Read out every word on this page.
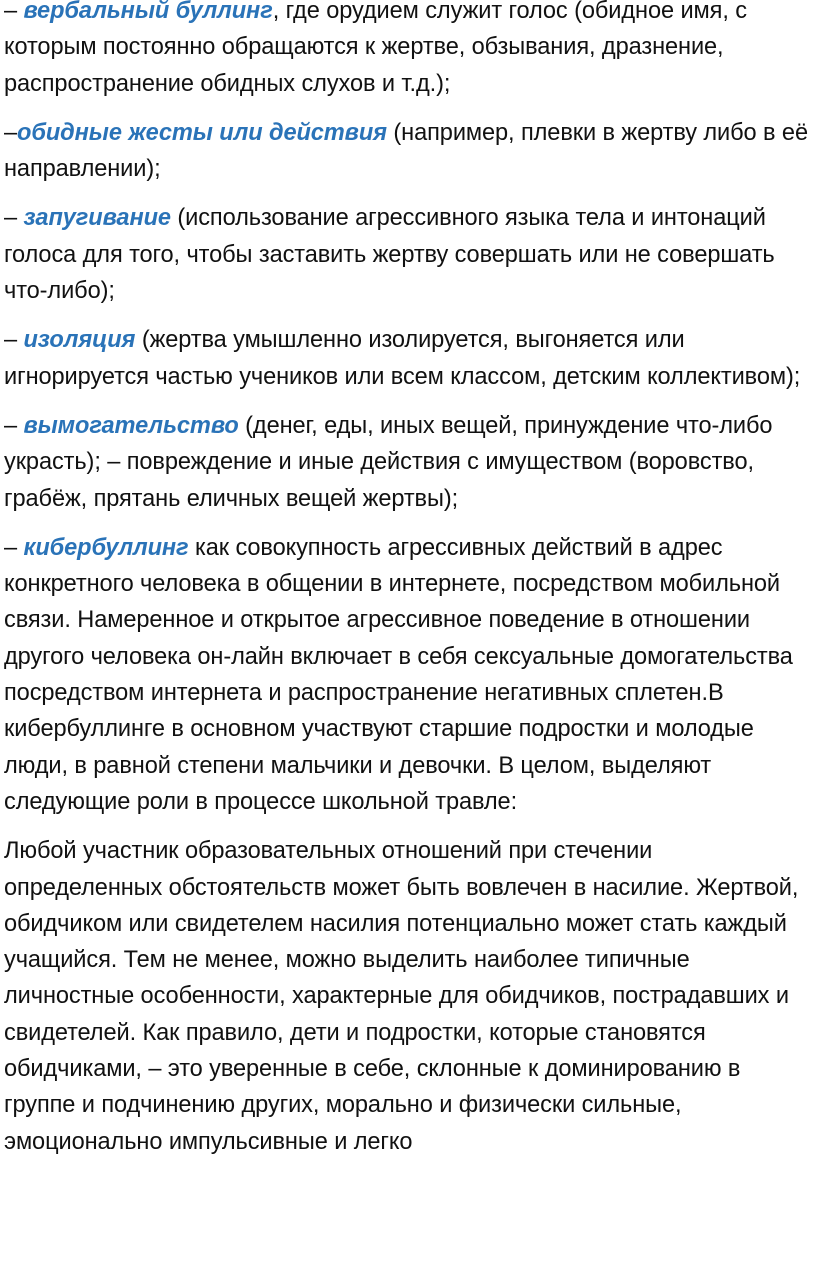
– вербальный буллинг, где орудием служит голос (обидное имя, с которым постоянно обращаются к жертве, обзывания, дразнение, распространение обидных слухов и т.д.);

–обидные жесты или действия (например, плевки в жертву либо в её направлении);

– запугивание (использование агрессивного языка тела и интонаций голоса для того, чтобы заставить жертву совершать или не совершать что-либо);

– изоляция (жертва умышленно изолируется, выгоняется или игнорируется частью учеников или всем классом, детским коллективом);

– вымогательство (денег, еды, иных вещей, принуждение что-либо украсть); – повреждение и иные действия с имуществом (воровство, грабёж, прятань еличных вещей жертвы);

– кибербуллинг как совокупность агрессивных действий в адрес конкретного человека в общении в интернете, посредством мобильной связи. Намеренное и открытое агрессивное поведение в отношении другого человека он-лайн включает в себя сексуальные домогательства посредством интернета и распространение негативных сплетен.В кибербуллинге в основном участвуют старшие подростки и молодые люди, в равной степени мальчики и девочки. В целом, выделяют следующие роли в процессе школьной травле:

Любой участник образовательных отношений при стечении определенных обстоятельств может быть вовлечен в насилие. Жертвой, обидчиком или свидетелем насилия потенциально может стать каждый учащийся. Тем не менее, можно выделить наиболее типичные личностные особенности, характерные для обидчиков, пострадавших и свидетелей. Как правило, дети и подростки, которые становятся обидчиками, – это уверенные в себе, склонные к доминированию в группе и подчинению других, морально и физически сильные, эмоционально импульсивные и легко
